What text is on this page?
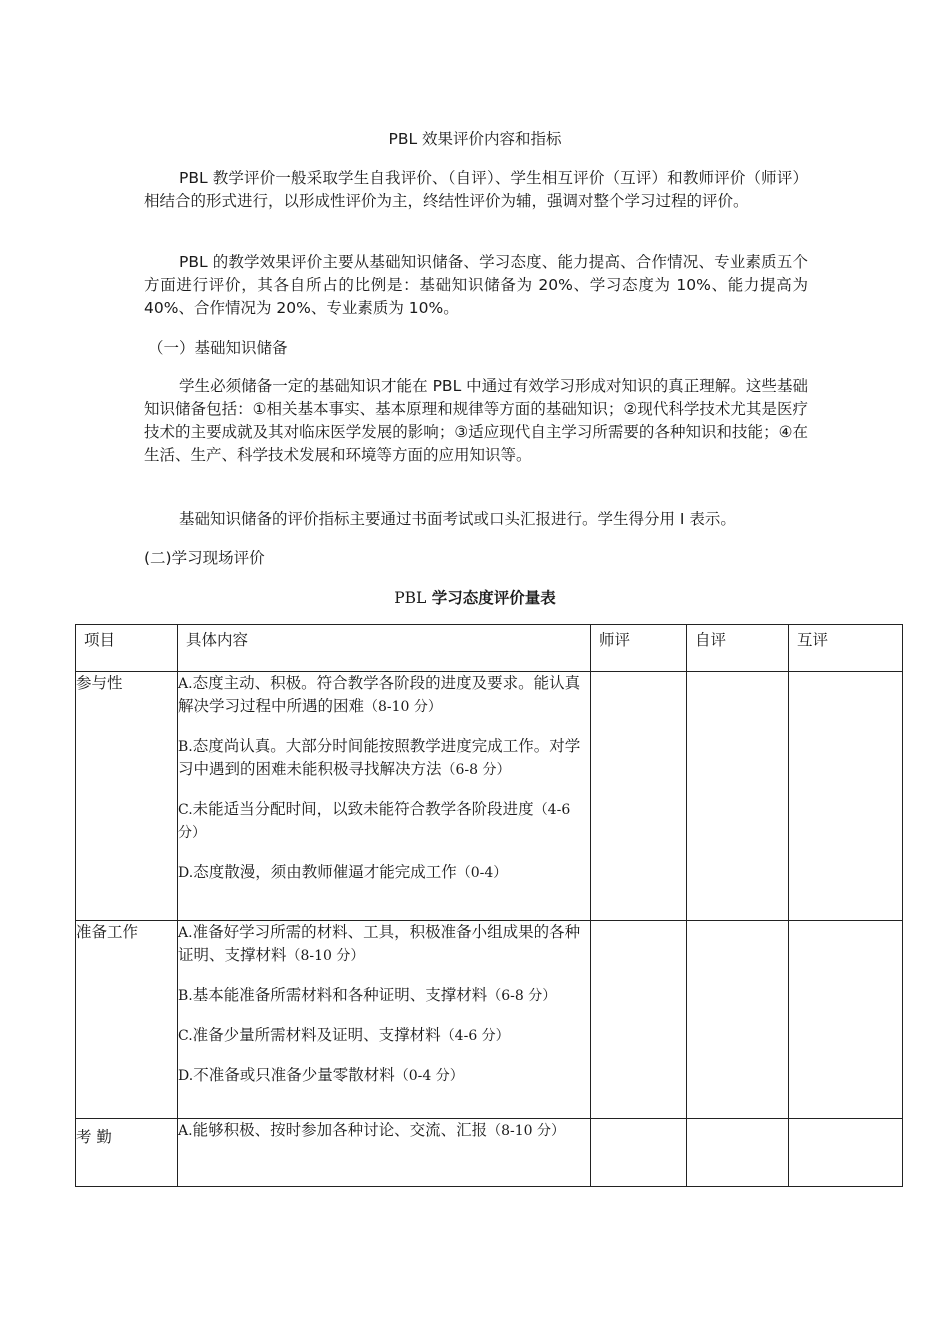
PBL 效果评价内容和指标

PBL 教学评价一般采取学生自我评价、（自评）、学生相互评价（互评）和教师评价（师评）相结合的形式进行，以形成性评价为主，终结性评价为辅，强调对整个学习过程的评价。

PBL 的教学效果评价主要从基础知识储备、学习态度、能力提高、合作情况、专业素质五个方面进行评价，其各自所占的比例是：基础知识储备为 20%、学习态度为 10%、能力提高为 40%、合作情况为 20%、专业素质为 10%。

（一）基础知识储备

学生必须储备一定的基础知识才能在 PBL 中通过有效学习形成对知识的真正理解。这些基础知识储备包括：①相关基本事实、基本原理和规律等方面的基础知识；②现代科学技术尤其是医疗技术的主要成就及其对临床医学发展的影响；③适应现代自主学习所需要的各种知识和技能；④在生活、生产、科学技术发展和环境等方面的应用知识等。

基础知识储备的评价指标主要通过书面考试或口头汇报进行。学生得分用 I 表示。

(二)学习现场评价

PBL 学习态度评价量表
项目	具体内容	师评	自评	互评
参与性	A.态度主动、积极。符合教学各阶段的进度及要求。能认真解决学习过程中所遇的困难（8-10 分）

B.态度尚认真。大部分时间能按照教学进度完成工作。对学习中遇到的困难未能积极寻找解决方法（6-8 分）

C.未能适当分配时间，以致未能符合教学各阶段进度（4-6 分）

D.态度散漫，须由教师催逼才能完成工作（0-4）			

准备工作	A.准备好学习所需的材料、工具，积极准备小组成果的各种证明、支撑材料（8-10 分）

B.基本能准备所需材料和各种证明、支撑材料（6-8 分）

C.准备少量所需材料及证明、支撑材料（4-6 分）

D.不准备或只准备少量零散材料（0-4 分）			

考 勤	A.能够积极、按时参加各种讨论、交流、汇报（8-10 分）			
